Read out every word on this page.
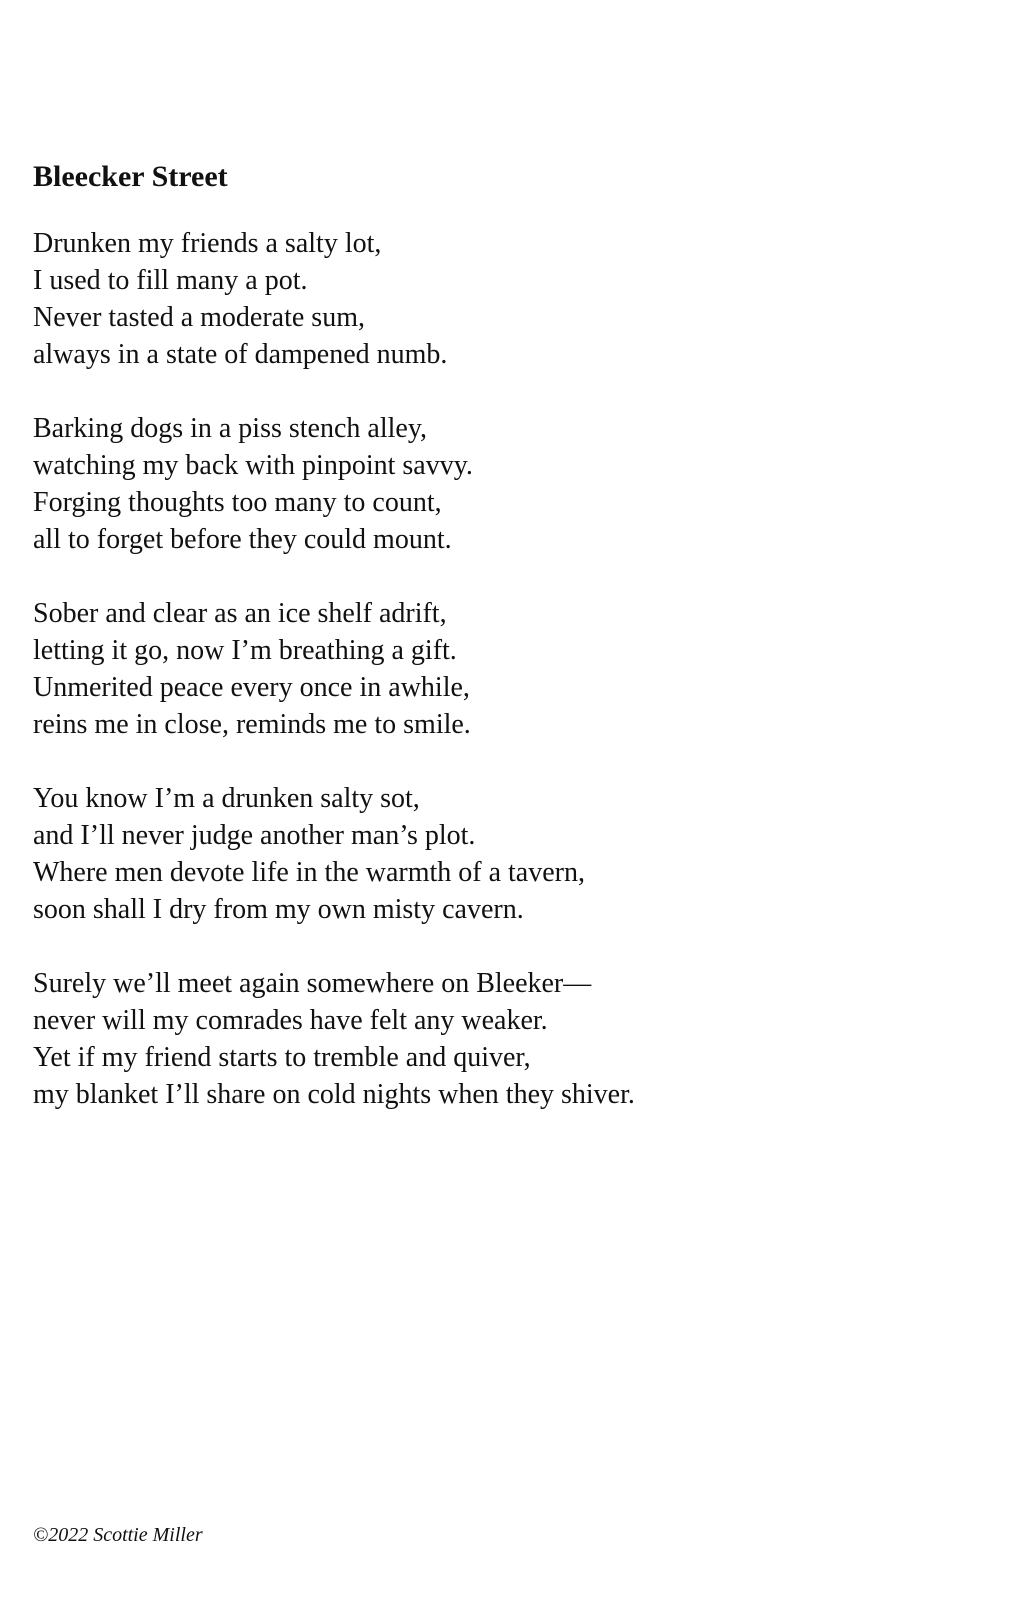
Bleecker Street
Drunken my friends a salty lot,
I used to fill many a pot.
Never tasted a moderate sum,
always in a state of dampened numb.
Barking dogs in a piss stench alley,
watching my back with pinpoint savvy.
Forging thoughts too many to count,
all to forget before they could mount.
Sober and clear as an ice shelf adrift,
letting it go, now I’m breathing a gift.
Unmerited peace every once in awhile,
reins me in close, reminds me to smile.
You know I’m a drunken salty sot,
and I’ll never judge another man’s plot.
Where men devote life in the warmth of a tavern,
soon shall I dry from my own misty cavern.
Surely we’ll meet again somewhere on Bleeker—
never will my comrades have felt any weaker.
Yet if my friend starts to tremble and quiver,
my blanket I’ll share on cold nights when they shiver.
©2022 Scottie Miller
